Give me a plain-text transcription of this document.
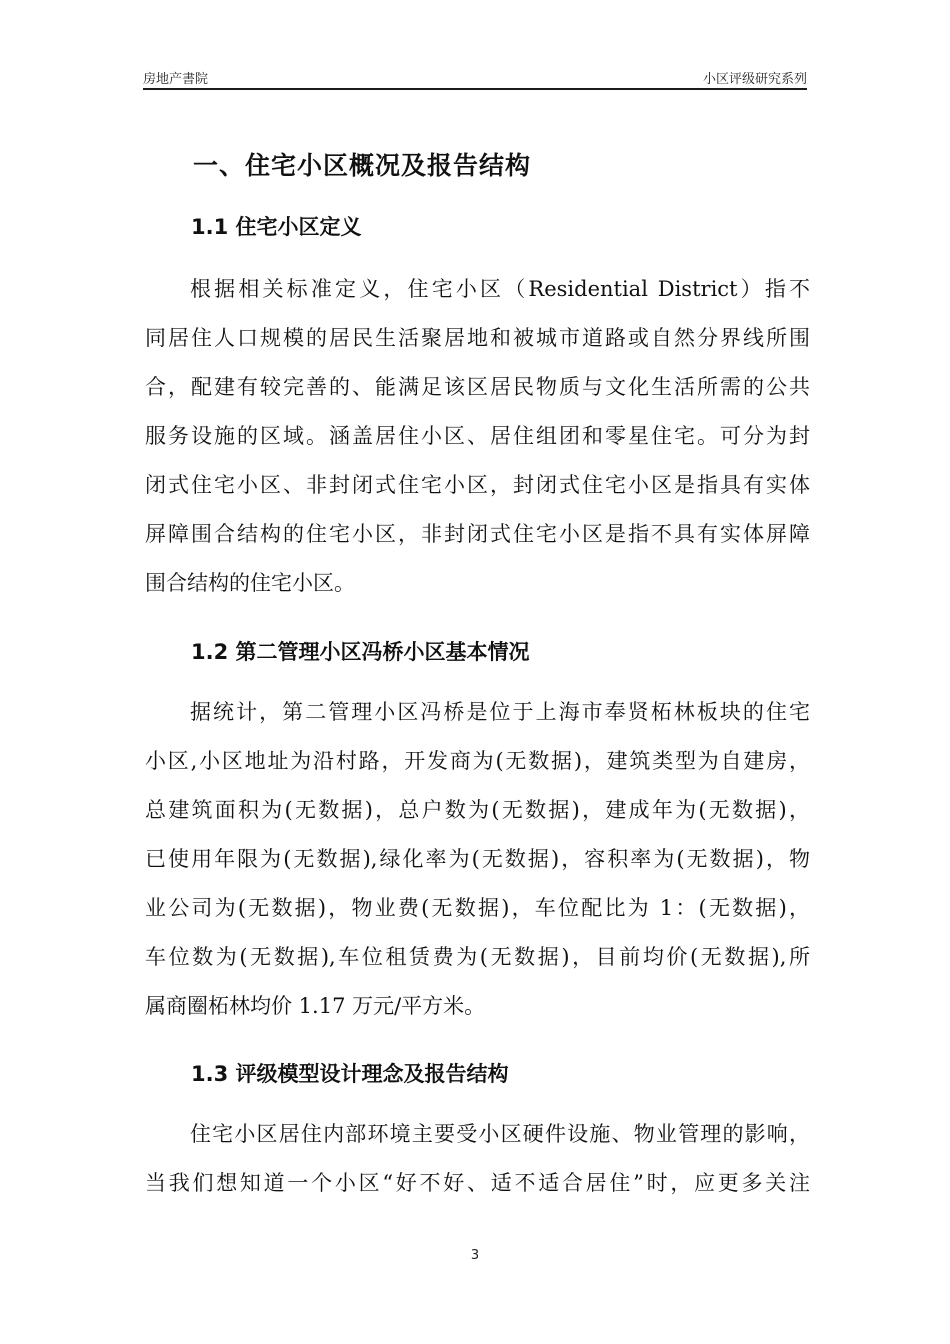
房地产書院	小区评级研究系列
一、住宅小区概况及报告结构
1.1 住宅小区定义
根据相关标准定义，住宅小区（Residential District）指不
同居住人口规模的居民生活聚居地和被城市道路或自然分界线所围
合，配建有较完善的、能满足该区居民物质与文化生活所需的公共
服务设施的区域。涵盖居住小区、居住组团和零星住宅。可分为封
闭式住宅小区、非封闭式住宅小区，封闭式住宅小区是指具有实体
屏障围合结构的住宅小区，非封闭式住宅小区是指不具有实体屏障
围合结构的住宅小区。
1.2 第二管理小区冯桥小区基本情况
据统计，第二管理小区冯桥是位于上海市奉贤柘林板块的住宅
小区,小区地址为沿村路，开发商为(无数据)，建筑类型为自建房，
总建筑面积为(无数据)，总户数为(无数据)，建成年为(无数据)，
已使用年限为(无数据),绿化率为(无数据)，容积率为(无数据)，物
业公司为(无数据)，物业费(无数据)，车位配比为 1：(无数据)，
车位数为(无数据),车位租赁费为(无数据)，目前均价(无数据),所
属商圈柘林均价 1.17 万元/平方米。
1.3 评级模型设计理念及报告结构
住宅小区居住内部环境主要受小区硬件设施、物业管理的影响，
当我们想知道一个小区“好不好、适不适合居住”时，应更多关注
3
